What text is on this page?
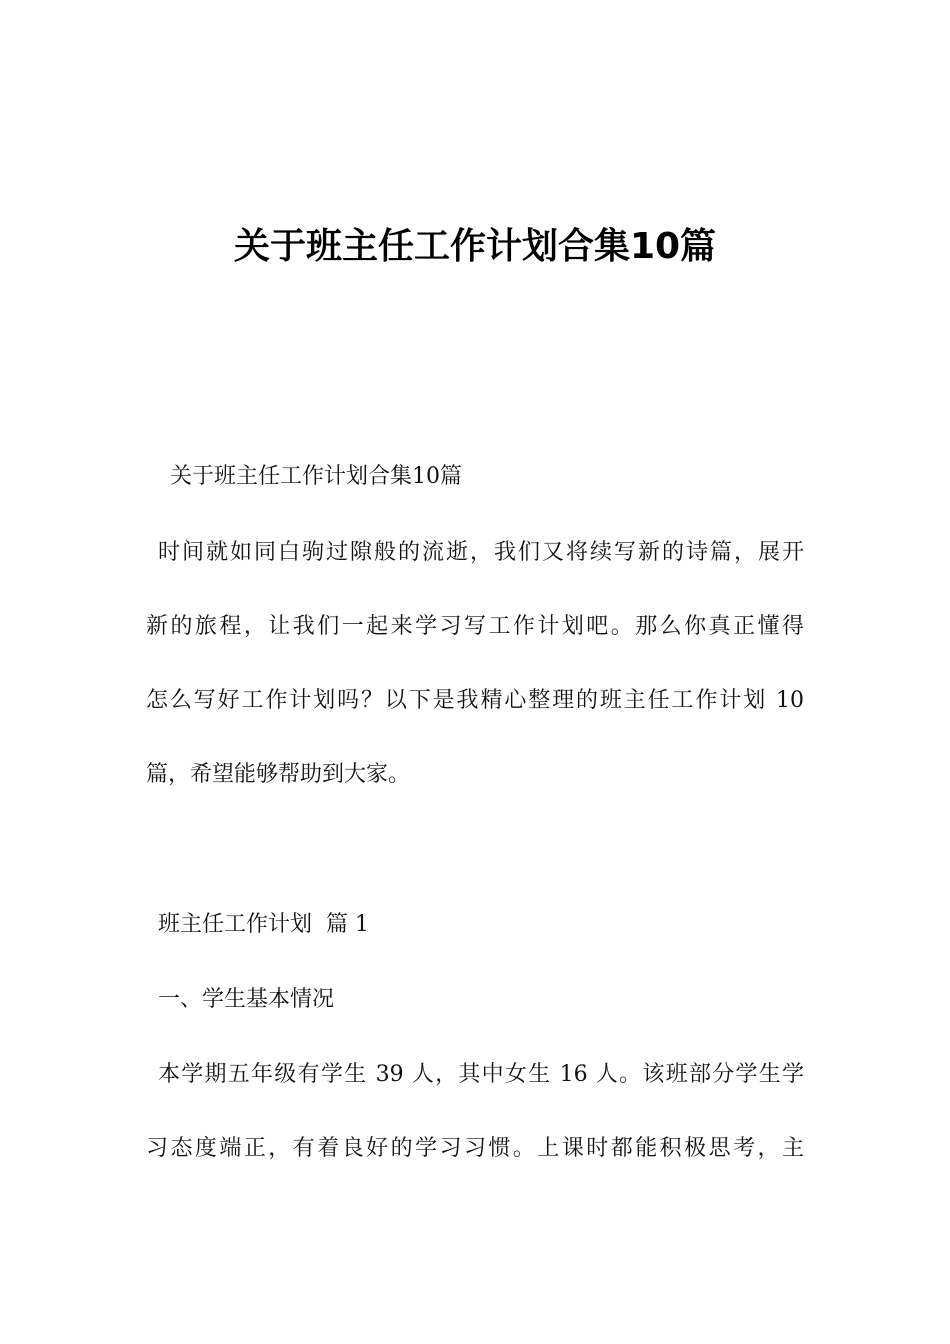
关于班主任工作计划合集10篇

关于班主任工作计划合集10篇

时间就如同白驹过隙般的流逝，我们又将续写新的诗篇，展开

新的旅程，让我们一起来学习写工作计划吧。那么你真正懂得

怎么写好工作计划吗？以下是我精心整理的班主任工作计划 10

篇，希望能够帮助到大家。

班主任工作计划  篇 1

一、学生基本情况

本学期五年级有学生 39 人，其中女生 16 人。该班部分学生学

习态度端正，有着良好的学习习惯。上课时都能积极思考，主
